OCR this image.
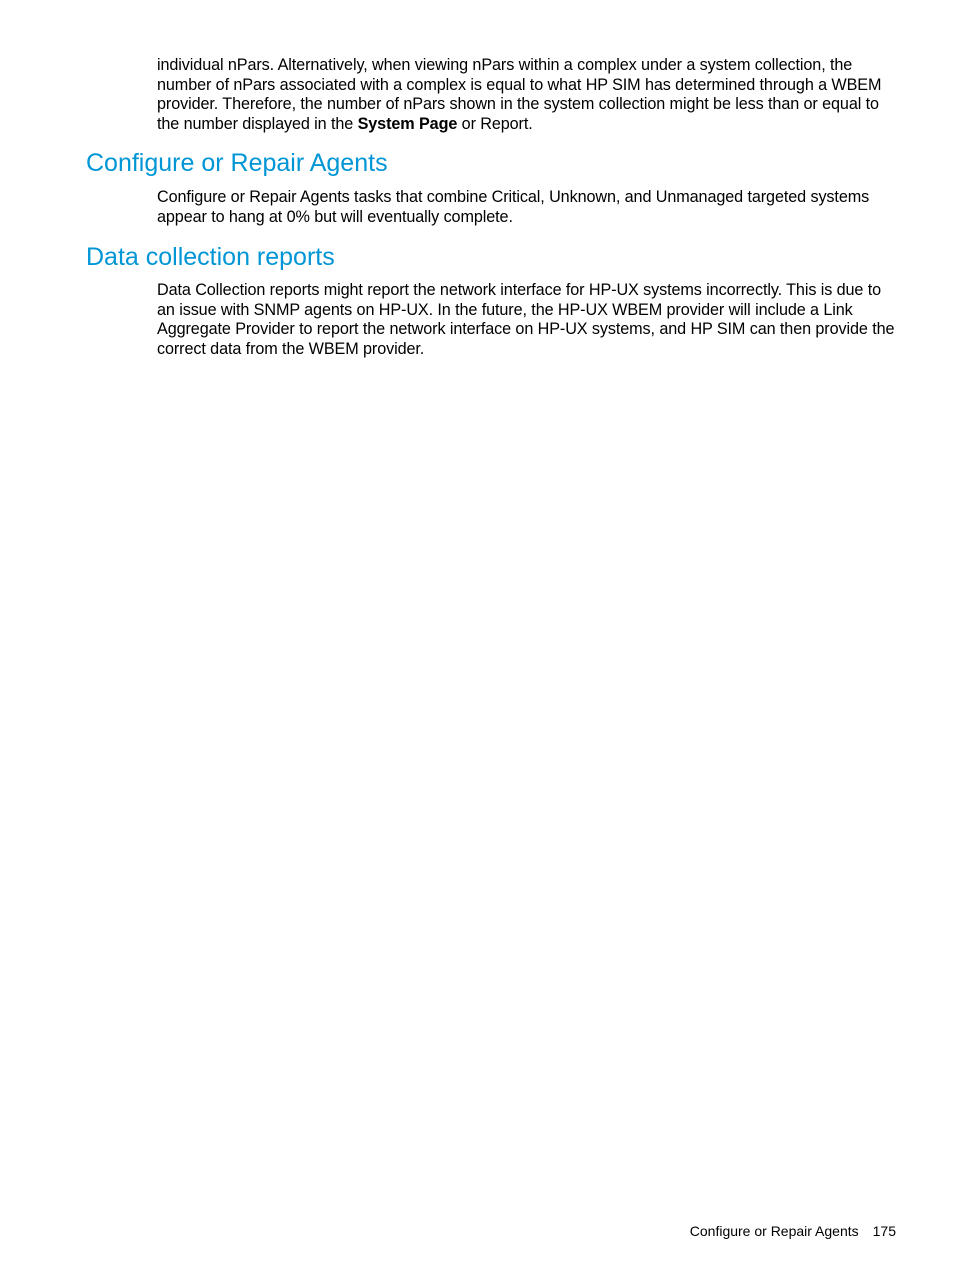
individual nPars. Alternatively, when viewing nPars within a complex under a system collection, the number of nPars associated with a complex is equal to what HP SIM has determined through a WBEM provider. Therefore, the number of nPars shown in the system collection might be less than or equal to the number displayed in the System Page or Report.

Configure or Repair Agents

Configure or Repair Agents tasks that combine Critical, Unknown, and Unmanaged targeted systems appear to hang at 0% but will eventually complete.

Data collection reports

Data Collection reports might report the network interface for HP-UX systems incorrectly. This is due to an issue with SNMP agents on HP-UX. In the future, the HP-UX WBEM provider will include a Link Aggregate Provider to report the network interface on HP-UX systems, and HP SIM can then provide the correct data from the WBEM provider.

Configure or Repair Agents 175
